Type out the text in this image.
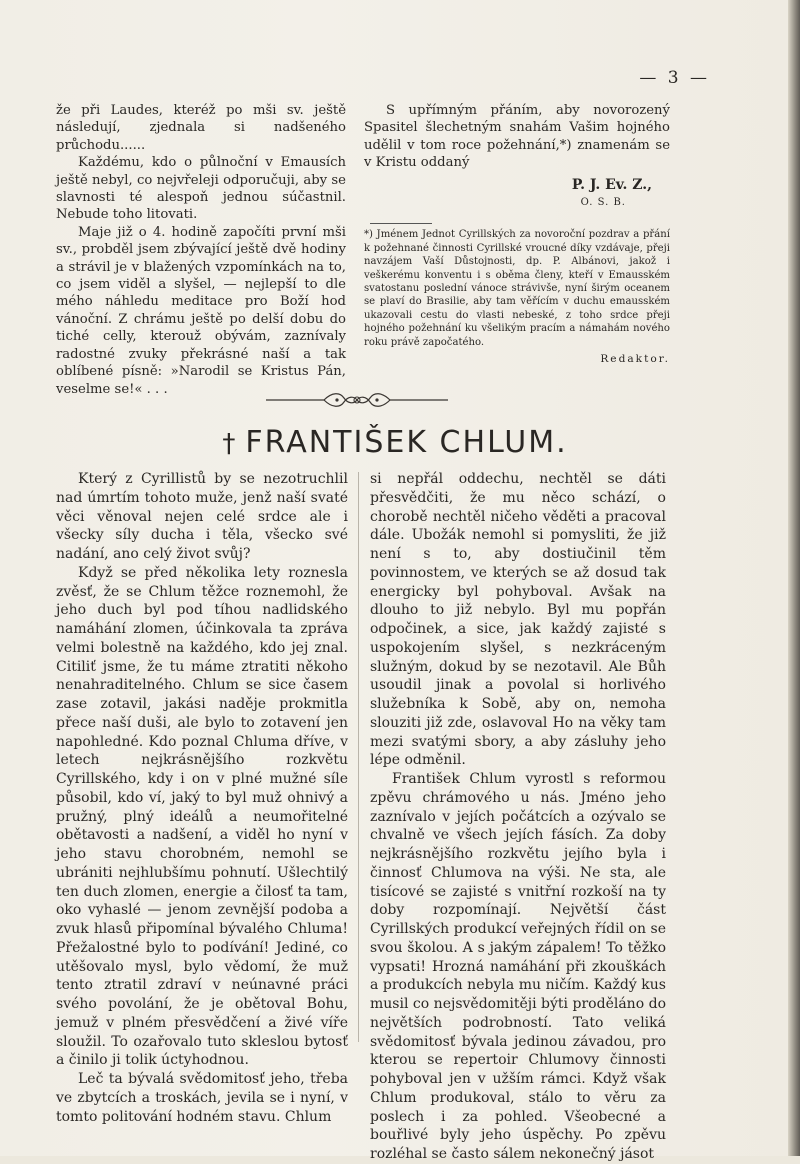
— 3 —

že při Laudes, kteréž po mši sv. ještě následují, zjednala si nadšeného průchodu......

Každému, kdo o půlnoční v Emausích ještě nebyl, co nejvřeleji odporučuji, aby se slavnosti té alespoň jednou súčastnil. Nebude toho litovati.

Maje již o 4. hodině započíti první mši sv., probděl jsem zbývající ještě dvě hodiny a strávil je v blažených vzpomínkách na to, co jsem viděl a slyšel, — nejlepší to dle mého náhledu meditace pro Boží hod vánoční. Z chrámu ještě po delší dobu do tiché celly, kterouž obývám, zaznívaly radostné zvuky překrásné naší a tak oblíbené písně: »Narodil se Kristus Pán, veselme se!« . . .

S upřímným přáním, aby novorozený Spasitel šlechetným snahám Vašim hojného udělil v tom roce požehnání,*) znamenám se v Kristu oddaný

P. J. Ev. Z.,
O. S. B.
*) Jménem Jednot Cyrillských za novoroční pozdrav a přání k požehnané činnosti Cyrillské vroucné díky vzdávaje, přeji navzájem Vaší Důstojnosti, dp. P. Albánovi, jakož i veškerému konventu i s oběma členy, kteří v Emausském svatostanu poslední vánoce strávivše, nyní širým oceanem se plaví do Brasilie, aby tam věřícím v duchu emausském ukazovali cestu do vlasti nebeské, z toho srdce přeji hojného požehnání ku všelikým pracím a námahám nového roku právě započatého.
Redaktor.
† FRANTIŠEK CHLUM.

Který z Cyrillistů by se nezotruchlil nad úmrtím tohoto muže, jenž naší svaté věci věnoval nejen celé srdce ale i všecky síly ducha i těla, všecko své nadání, ano celý život svůj?

Když se před několika lety roznesla zvěsť, že se Chlum těžce roznemohl, že jeho duch byl pod tíhou nadlidského namáhání zlomen, účinkovala ta zpráva velmi bolestně na každého, kdo jej znal. Citiliť jsme, že tu máme ztratiti někoho nenahraditelného. Chlum se sice časem zase zotavil, jakási naděje prokmitla přece naší duši, ale bylo to zotavení jen napohledné. Kdo poznal Chluma dříve, v letech nejkrásnějšího rozkvětu Cyrillského, kdy i on v plné mužné síle působil, kdo ví, jaký to byl muž ohnivý a pružný, plný ideálů a neumořitelné obětavosti a nadšení, a viděl ho nyní v jeho stavu chorobném, nemohl se ubrániti nejhlubšímu pohnutí. Ušlechtilý ten duch zlomen, energie a čilosť ta tam, oko vyhaslé — jenom zevnější podoba a zvuk hlasů připomínal bývalého Chluma! Přežalostné bylo to podívání! Jediné, co utěšovalo mysl, bylo vědomí, že muž tento ztratil zdraví v neúnavné práci svého povolání, že je obětoval Bohu, jemuž v plném přesvědčení a živé víře sloužil. To ozařovalo tuto skleslou bytosť a činilo ji tolik úctyhodnou.

Leč ta bývalá svědomitosť jeho, třeba ve zbytcích a troskách, jevila se i nyní, v tomto politování hodném stavu. Chlum

si nepřál oddechu, nechtěl se dáti přesvědčiti, že mu něco schází, o chorobě nechtěl ničeho věděti a pracoval dále. Ubožák nemohl si pomysliti, že již není s to, aby dostiučinil těm povinnostem, ve kterých se až dosud tak energicky byl pohyboval. Avšak na dlouho to již nebylo. Byl mu popřán odpočinek, a sice, jak každý zajisté s uspokojením slyšel, s nezkráceným služným, dokud by se nezotavil. Ale Bůh usoudil jinak a povolal si horlivého služebníka k Sobě, aby on, nemoha slouziti již zde, oslavoval Ho na věky tam mezi svatými sbory, a aby zásluhy jeho lépe odměnil.

František Chlum vyrostl s reformou zpěvu chrámového u nás. Jméno jeho zaznívalo v jejích počátcích a ozývalo se chvalně ve všech jejích fásích. Za doby nejkrásnějšího rozkvětu jejího byla i činnosť Chlumova na výši. Ne sta, ale tisícové se zajisté s vnitřní rozkoší na ty doby rozpomínají. Největší část Cyrillských produkcí veřejných řídil on se svou školou. A s jakým zápalem! To těžko vypsati! Hrozná namáhání při zkouškách a produkcích nebyla mu ničím. Každý kus musil co nejsvědomitěji býti proděláno do největších podrobností. Tato veliká svědomitosť bývala jedinou závadou, pro kterou se repertoir Chlumovy činnosti pohyboval jen v užším rámci. Když však Chlum produkoval, stálo to věru za poslech i za pohled. Všeobecné a bouřlivé byly jeho úspěchy. Po zpěvu rozléhal se často sálem nekonečný jásot
